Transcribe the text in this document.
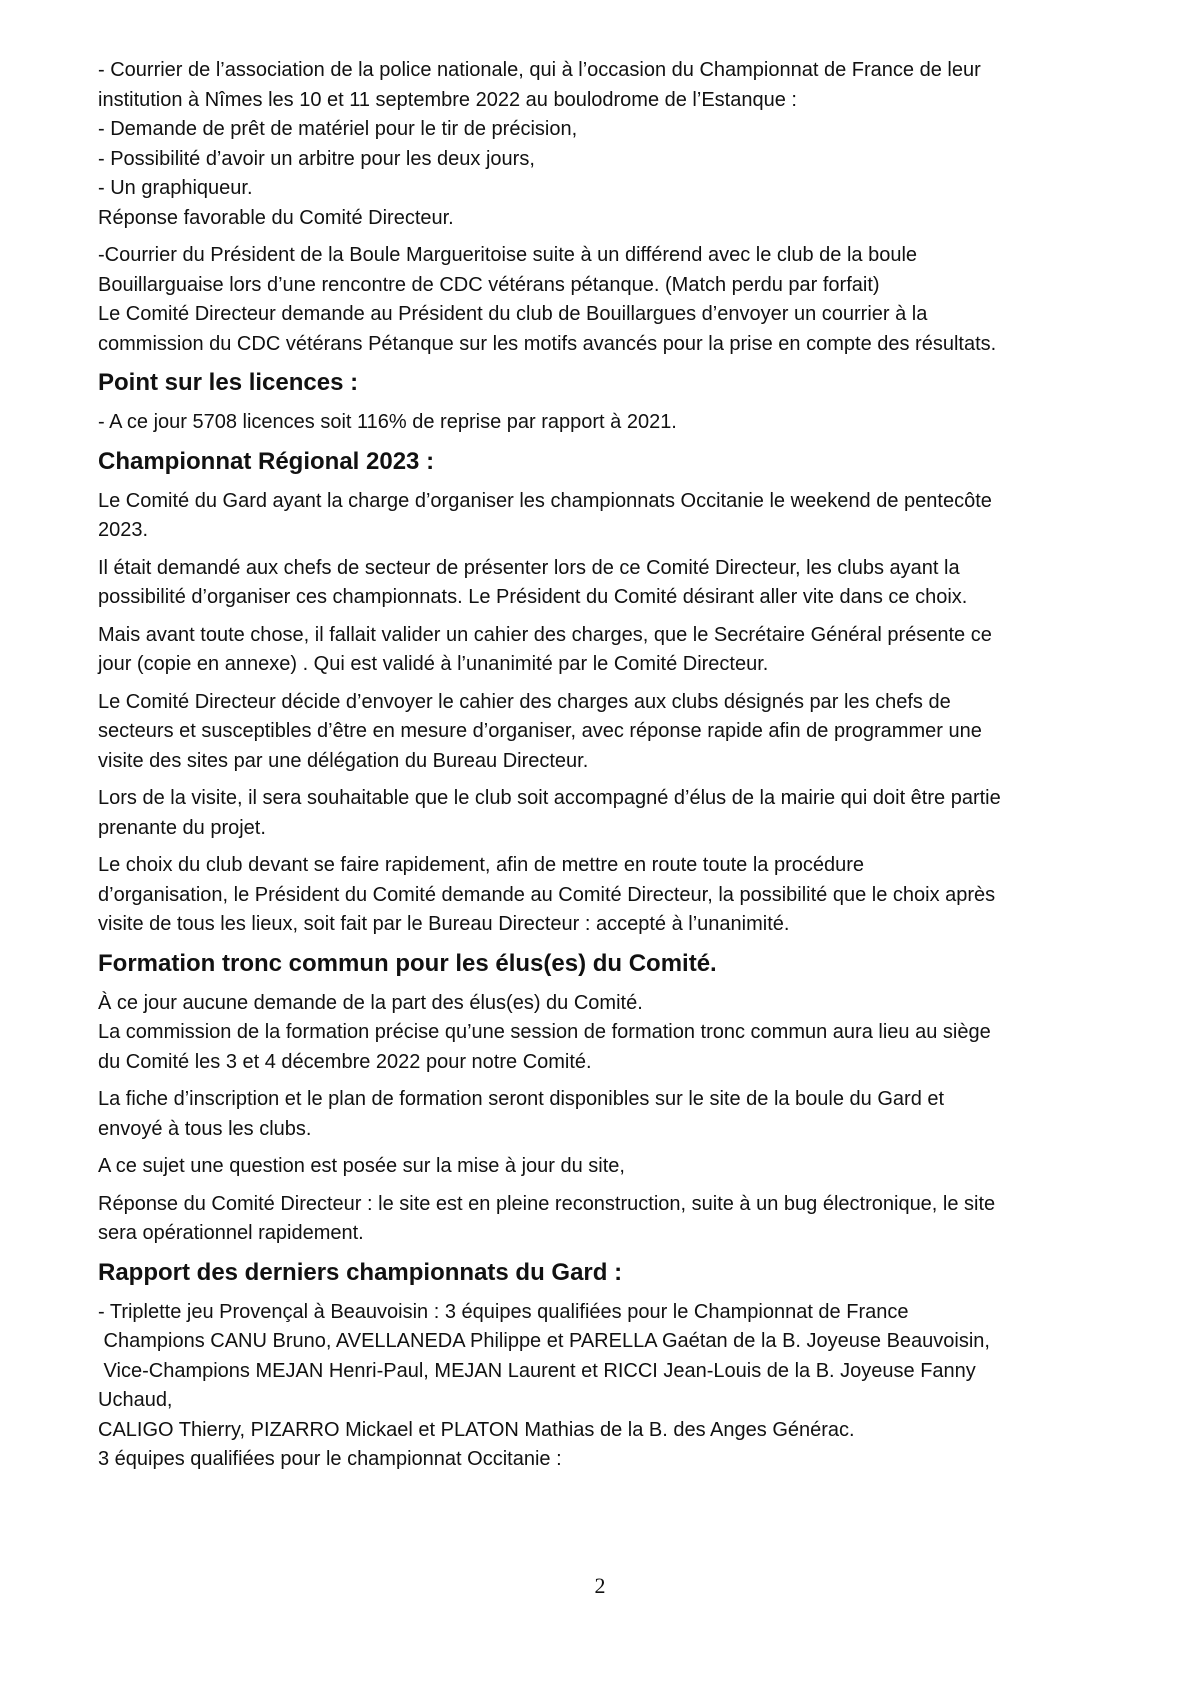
- Courrier de l’association de la police nationale, qui à l’occasion du Championnat de France de leur
institution à Nîmes les 10 et 11 septembre 2022 au boulodrome de l’Estanque :
- Demande de prêt de matériel pour le tir de précision,
- Possibilité d’avoir un arbitre pour les deux jours,
- Un graphiqueur.
Réponse favorable du Comité Directeur.
-Courrier du Président de la Boule Margueritoise suite à un différend avec le club de la boule
Bouillarguaise lors d’une rencontre de CDC vétérans pétanque. (Match perdu par forfait)
Le Comité Directeur demande au Président du club de Bouillargues d’envoyer un courrier à la
commission du CDC vétérans Pétanque sur les motifs avancés pour la prise en compte des résultats.
Point sur les licences :
- A ce jour 5708 licences soit 116% de reprise par rapport à 2021.
Championnat Régional 2023 :
Le Comité du Gard ayant la charge d’organiser les championnats Occitanie le weekend de pentecôte
2023.
Il était demandé aux chefs de secteur de présenter lors de ce Comité Directeur, les clubs ayant la
possibilité d’organiser ces championnats. Le Président du Comité désirant aller vite dans ce choix.
Mais avant toute chose, il fallait valider un cahier des charges, que le Secrétaire Général présente ce
jour (copie en annexe) . Qui est validé à l’unanimité par le Comité Directeur.
Le Comité Directeur décide d’envoyer le cahier des charges aux clubs désignés par les chefs de
secteurs et susceptibles d’être en mesure d’organiser, avec réponse rapide afin de programmer une
visite des sites par une délégation du Bureau Directeur.
Lors de la visite, il sera souhaitable que le club soit accompagné d’élus de la mairie qui doit être partie
prenante du projet.
Le choix du club devant se faire rapidement, afin de mettre en route toute la procédure
d’organisation, le Président du Comité demande au Comité Directeur, la possibilité que le choix après
visite de tous les lieux, soit fait par le Bureau Directeur : accepté à l’unanimité.
Formation tronc commun pour les élus(es) du Comité.
À ce jour aucune demande de la part des élus(es) du Comité.
La commission de la formation précise qu’une session de formation tronc commun aura lieu au siège
du Comité les 3 et 4 décembre 2022 pour notre Comité.
La fiche d’inscription et le plan de formation seront disponibles sur le site de la boule du Gard et
envoyé à tous les clubs.
A ce sujet une question est posée sur la mise à jour du site,
Réponse du Comité Directeur : le site est en pleine reconstruction, suite à un bug électronique, le site
sera opérationnel rapidement.
Rapport des derniers championnats du Gard :
- Triplette jeu Provençal à Beauvoisin : 3 équipes qualifiées pour le Championnat de France
Champions CANU Bruno, AVELLANEDA Philippe et PARELLA Gaétan de la B. Joyeuse Beauvoisin,
Vice-Champions MEJAN Henri-Paul, MEJAN Laurent et RICCI Jean-Louis de la B. Joyeuse Fanny
Uchaud,
CALIGO Thierry, PIZARRO Mickael et PLATON Mathias de la B. des Anges Générac.
3 équipes qualifiées pour le championnat Occitanie :
2
